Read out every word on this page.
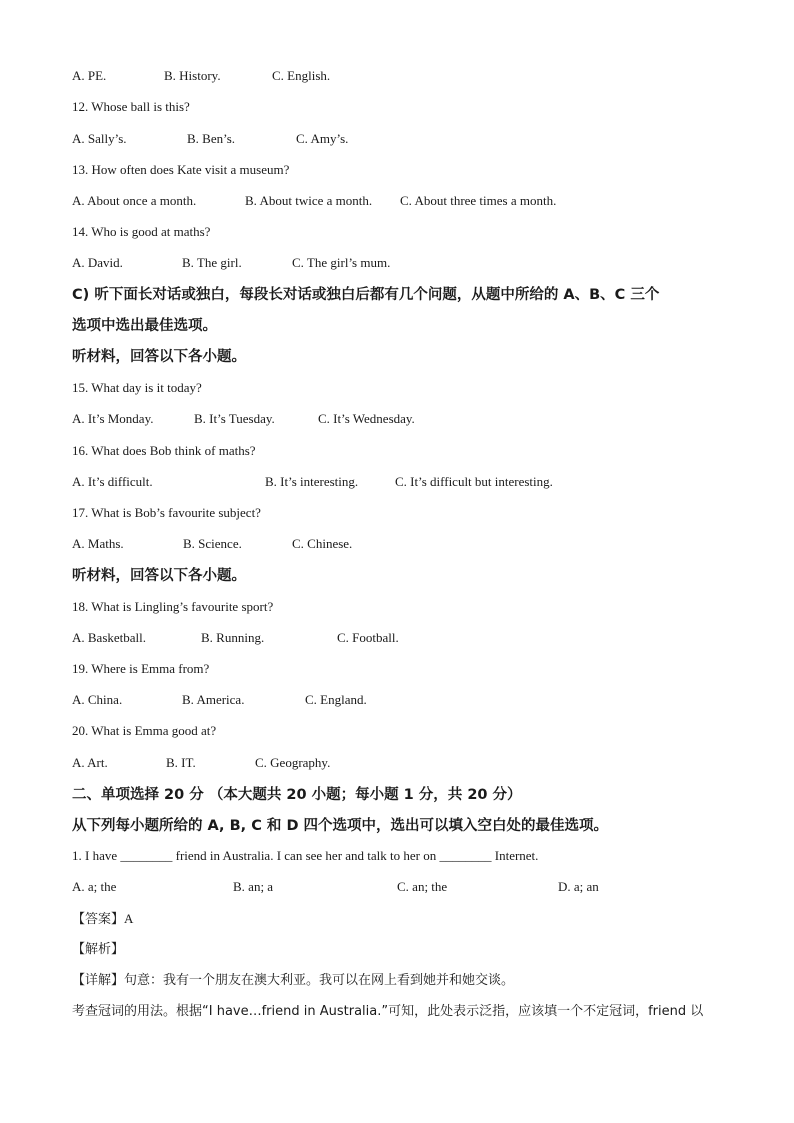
A. PE.	B. History.	C. English.
12. Whose ball is this?
A. Sally’s.	B. Ben’s.	C. Amy’s.
13. How often does Kate visit a museum?
A. About once a month.	B. About twice a month. C. About three times a month.
14. Who is good at maths?
A. David.	B. The girl.	C. The girl’s mum.
C) 听下面长对话或独白，每段长对话或独白后都有几个问题，从题中所给的 A、B、C 三个
选项中选出最佳选项。
听材料，回答以下各小题。
15. What day is it today?
A. It’s Monday.	B. It’s Tuesday.	C. It’s Wednesday.
16. What does Bob think of maths?
A. It’s difficult.	B. It’s interesting.	C. It’s difficult but interesting.
17. What is Bob’s favourite subject?
A. Maths.	B. Science.	C. Chinese.
听材料，回答以下各小题。
18. What is Lingling’s favourite sport?
A. Basketball.	B. Running.	C. Football.
19. Where is Emma from?
A. China.	B. America.	C. England.
20. What is Emma good at?
A. Art.	B. IT.	C. Geography.
二、单项选择 20 分 （本大题共 20 小题；每小题 1 分，共 20 分）
从下列每小题所给的 A, B, C 和 D 四个选项中，选出可以填入空白处的最佳选项。
1. I have ________ friend in Australia. I can see her and talk to her on ________ Internet.
A. a; the	B. an; a	C. an; the	D. a; an
【答案】A
【解析】
【详解】句意：我有一个朋友在澳大利亚。我可以在网上看到她并和她交谈。
考查冠词的用法。根据“I have…friend in Australia.”可知，此处表示泛指，应该填一个不定冠词，friend 以
